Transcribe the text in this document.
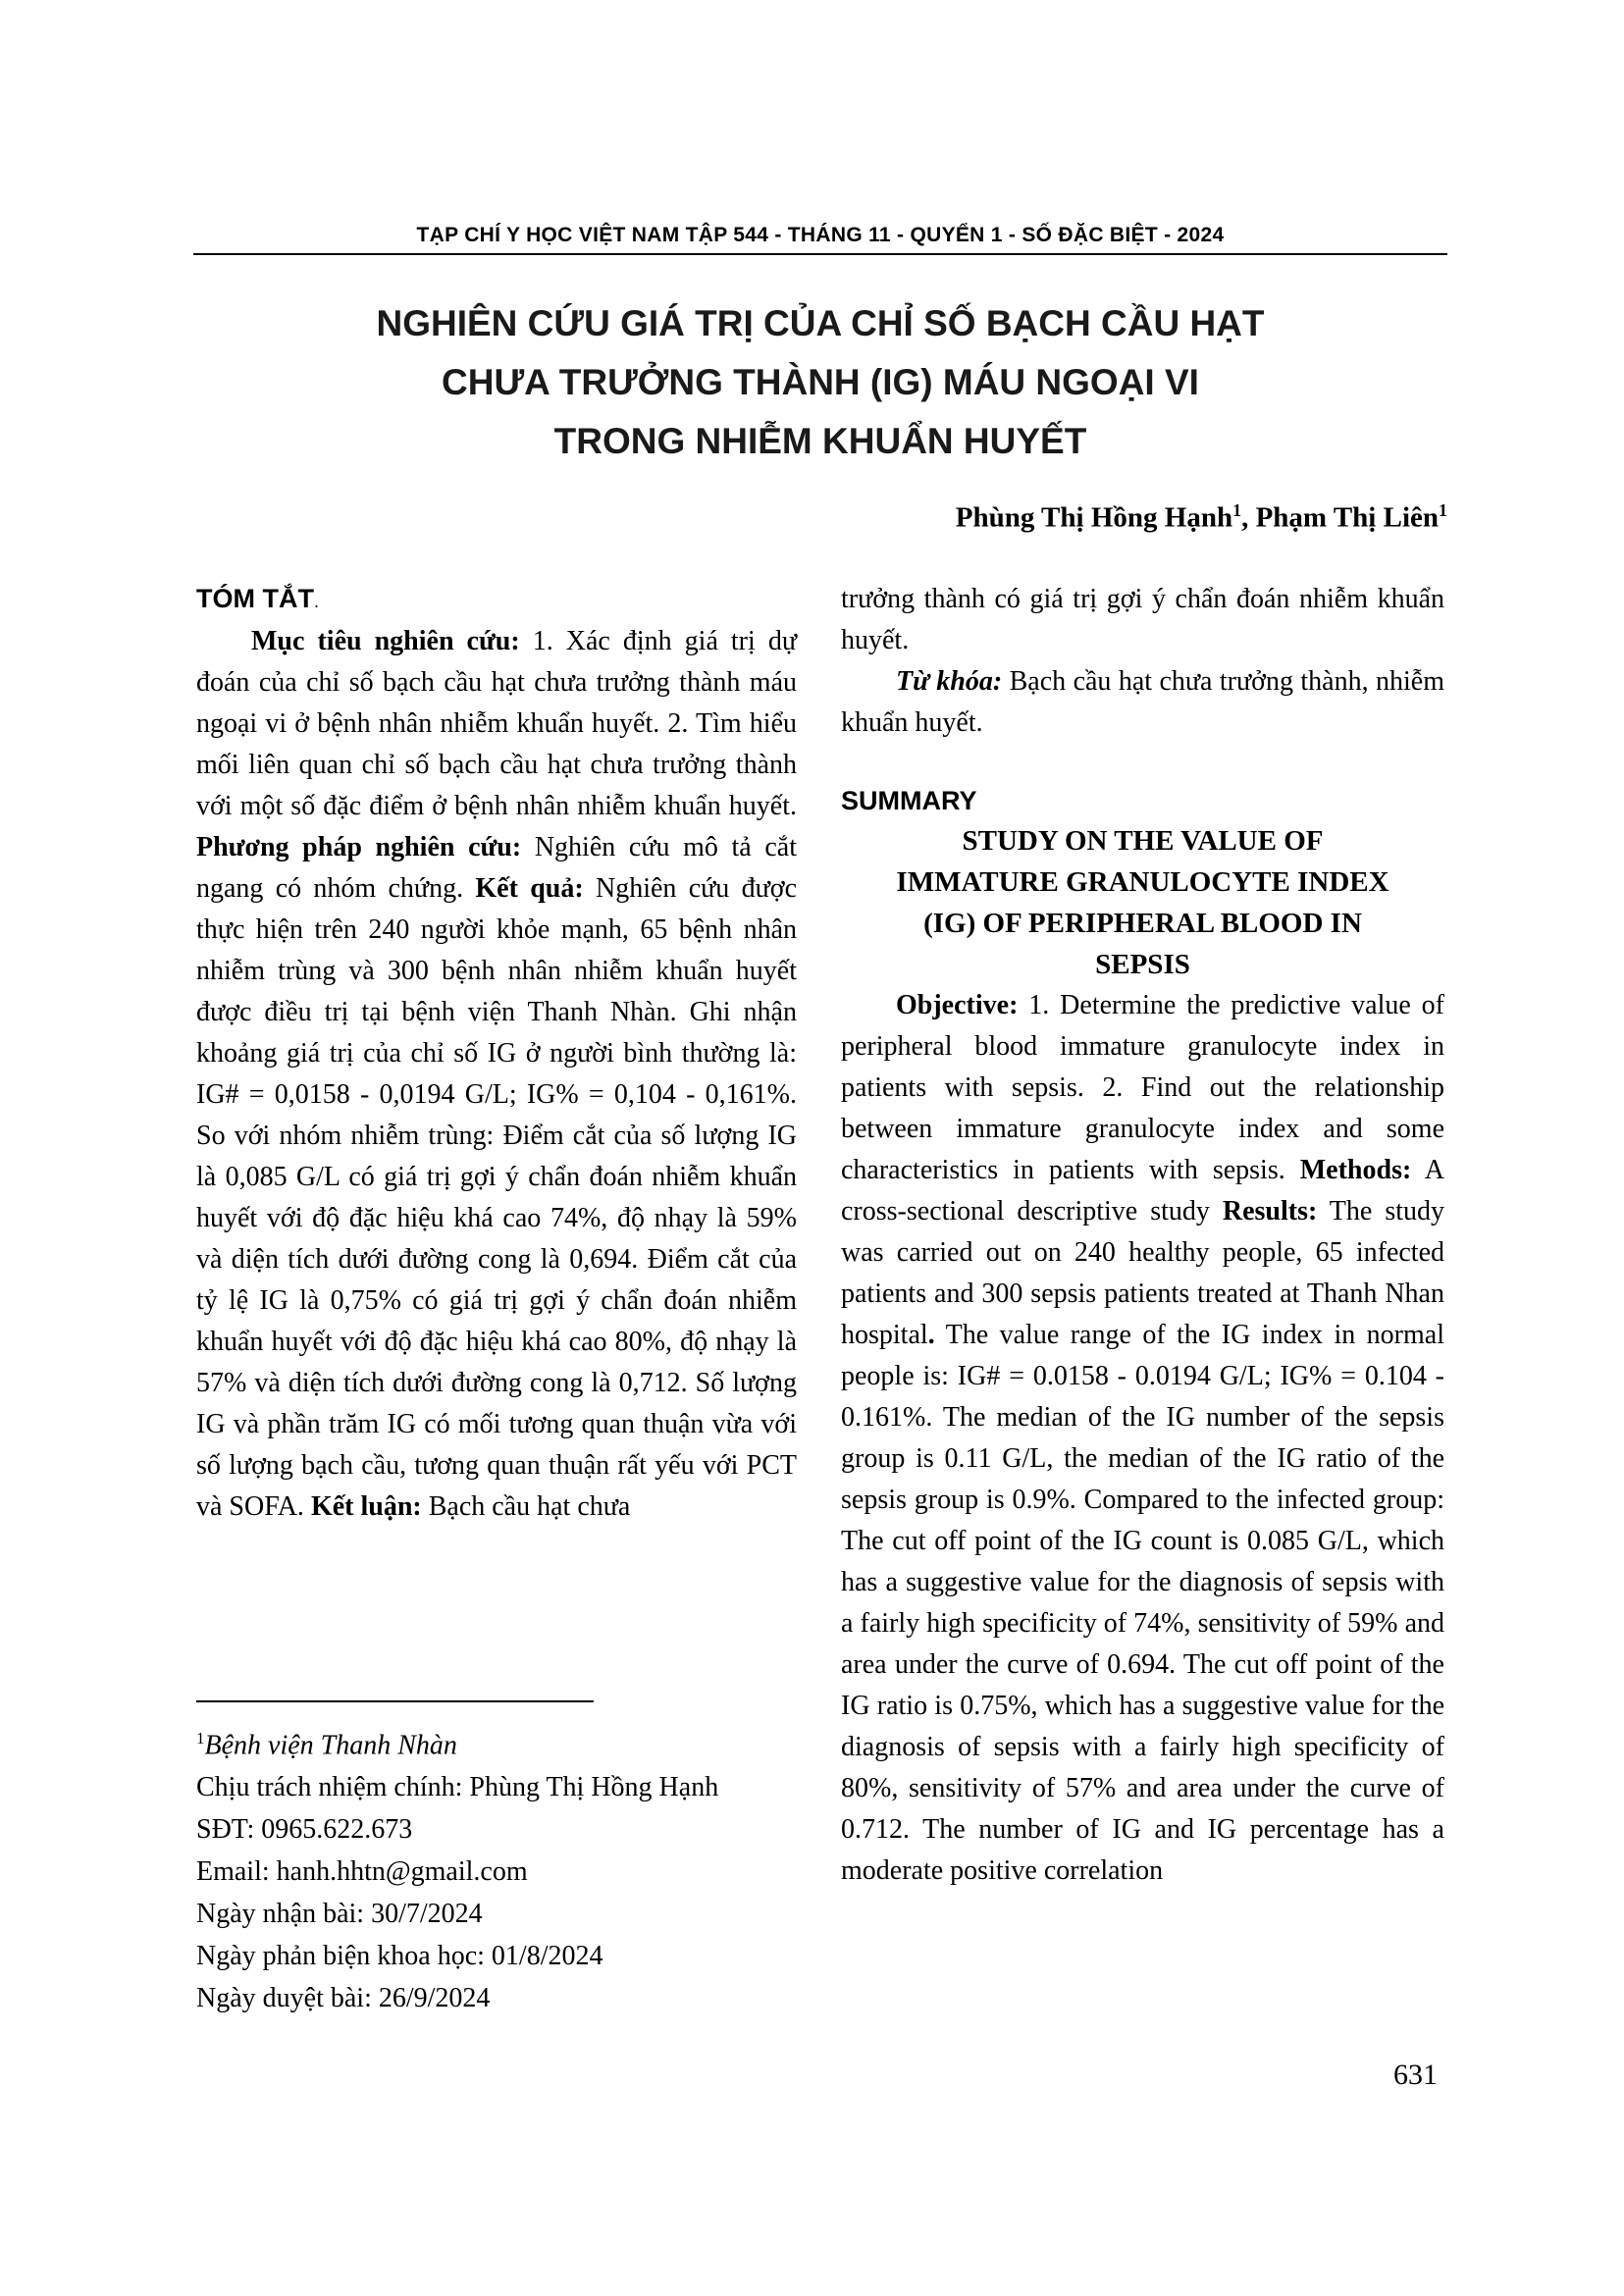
TẠP CHÍ Y HỌC VIỆT NAM TẬP 544 - THÁNG 11 - QUYỂN 1 - SỐ ĐẶC BIỆT - 2024
NGHIÊN CỨU GIÁ TRỊ CỦA CHỈ SỐ BẠCH CẦU HẠT
CHƯA TRƯỞNG THÀNH (IG) MÁU NGOẠI VI
TRONG NHIỄM KHUẨN HUYẾT
Phùng Thị Hồng Hạnh$^1$, Phạm Thị Liên$^1$
TÓM TẮT.

Mục tiêu nghiên cứu: 1. Xác định giá trị dự đoán của chỉ số bạch cầu hạt chưa trưởng thành máu ngoại vi ở bệnh nhân nhiễm khuẩn huyết. 2. Tìm hiểu mối liên quan chỉ số bạch cầu hạt chưa trưởng thành với một số đặc điểm ở bệnh nhân nhiễm khuẩn huyết. Phương pháp nghiên cứu: Nghiên cứu mô tả cắt ngang có nhóm chứng. Kết quả: Nghiên cứu được thực hiện trên 240 người khỏe mạnh, 65 bệnh nhân nhiễm trùng và 300 bệnh nhân nhiễm khuẩn huyết được điều trị tại bệnh viện Thanh Nhàn. Ghi nhận khoảng giá trị của chỉ số IG ở người bình thường là: IG# = 0,0158 - 0,0194 G/L; IG% = 0,104 - 0,161%. So với nhóm nhiễm trùng: Điểm cắt của số lượng IG là 0,085 G/L có giá trị gợi ý chẩn đoán nhiễm khuẩn huyết với độ đặc hiệu khá cao 74%, độ nhạy là 59% và diện tích dưới đường cong là 0,694. Điểm cắt của tỷ lệ IG là 0,75% có giá trị gợi ý chẩn đoán nhiễm khuẩn huyết với độ đặc hiệu khá cao 80%, độ nhạy là 57% và diện tích dưới đường cong là 0,712. Số lượng IG và phần trăm IG có mối tương quan thuận vừa với số lượng bạch cầu, tương quan thuận rất yếu với PCT và SOFA. Kết luận: Bạch cầu hạt chưa

$^1$Bệnh viện Thanh Nhàn
Chịu trách nhiệm chính: Phùng Thị Hồng Hạnh
SĐT: 0965.622.673
Email: hanh.hhtn@gmail.com
Ngày nhận bài: 30/7/2024
Ngày phản biện khoa học: 01/8/2024
Ngày duyệt bài: 26/9/2024

trưởng thành có giá trị gợi ý chẩn đoán nhiễm khuẩn huyết.

Từ khóa: Bạch cầu hạt chưa trưởng thành, nhiễm khuẩn huyết.

SUMMARY
STUDY ON THE VALUE OF
IMMATURE GRANULOCYTE INDEX
(IG) OF PERIPHERAL BLOOD IN
SEPSIS

Objective: 1. Determine the predictive value of peripheral blood immature granulocyte index in patients with sepsis. 2. Find out the relationship between immature granulocyte index and some characteristics in patients with sepsis. Methods: A cross-sectional descriptive study Results: The study was carried out on 240 healthy people, 65 infected patients and 300 sepsis patients treated at Thanh Nhan hospital. The value range of the IG index in normal people is: IG# = 0.0158 - 0.0194 G/L; IG% = 0.104 - 0.161%. The median of the IG number of the sepsis group is 0.11 G/L, the median of the IG ratio of the sepsis group is 0.9%. Compared to the infected group: The cut off point of the IG count is 0.085 G/L, which has a suggestive value for the diagnosis of sepsis with a fairly high specificity of 74%, sensitivity of 59% and area under the curve of 0.694. The cut off point of the IG ratio is 0.75%, which has a suggestive value for the diagnosis of sepsis with a fairly high specificity of 80%, sensitivity of 57% and area under the curve of 0.712. The number of IG and IG percentage has a moderate positive correlation

631
